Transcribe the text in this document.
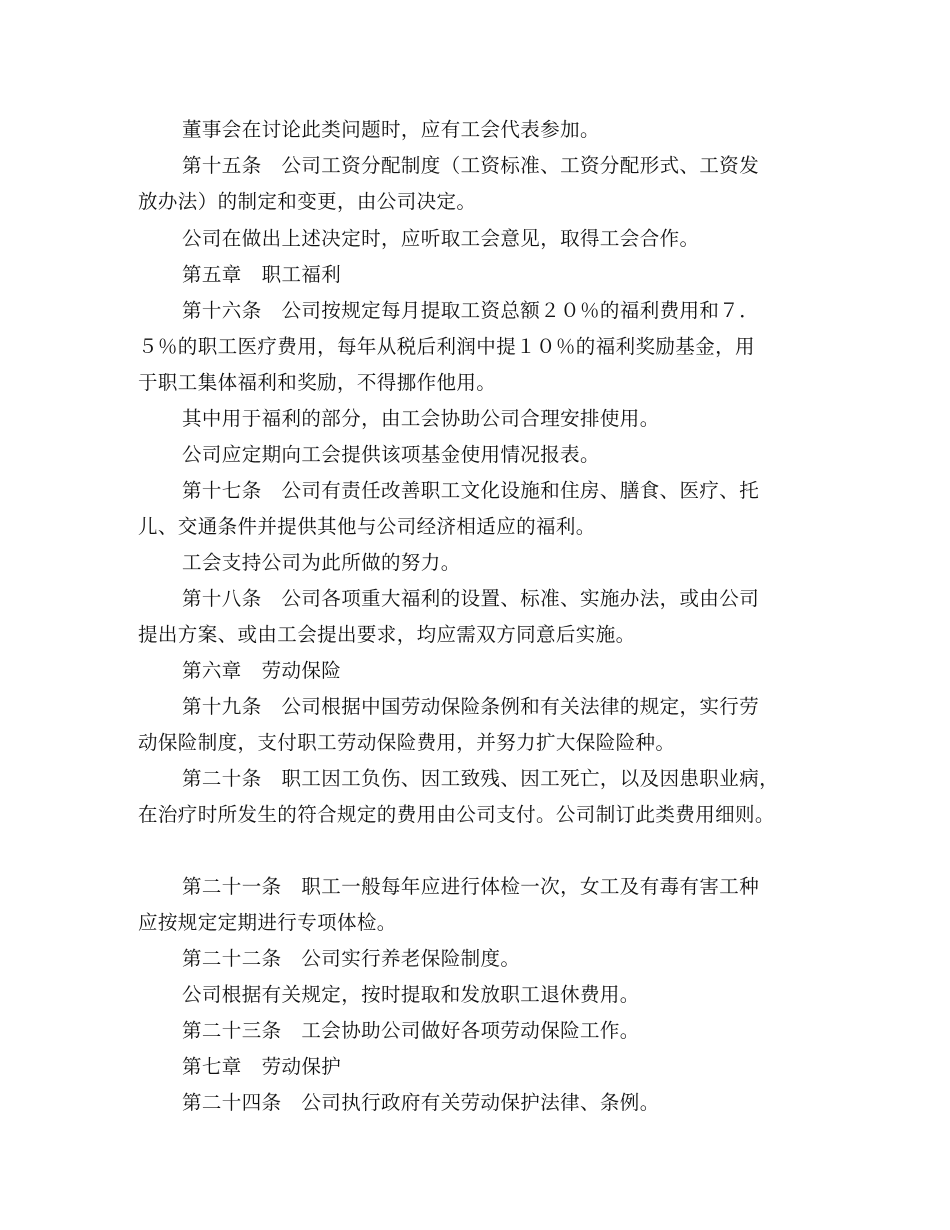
董事会在讨论此类问题时，应有工会代表参加。
第十五条　公司工资分配制度（工资标准、工资分配形式、工资发
放办法）的制定和变更，由公司决定。
公司在做出上述决定时，应听取工会意见，取得工会合作。
第五章　职工福利
第十六条　公司按规定每月提取工资总额２０％的福利费用和７．
５％的职工医疗费用，每年从税后利润中提１０％的福利奖励基金，用
于职工集体福利和奖励，不得挪作他用。
其中用于福利的部分，由工会协助公司合理安排使用。
公司应定期向工会提供该项基金使用情况报表。
第十七条　公司有责任改善职工文化设施和住房、膳食、医疗、托
儿、交通条件并提供其他与公司经济相适应的福利。
工会支持公司为此所做的努力。
第十八条　公司各项重大福利的设置、标准、实施办法，或由公司
提出方案、或由工会提出要求，均应需双方同意后实施。
第六章　劳动保险
第十九条　公司根据中国劳动保险条例和有关法律的规定，实行劳
动保险制度，支付职工劳动保险费用，并努力扩大保险险种。
第二十条　职工因工负伤、因工致残、因工死亡，以及因患职业病，
在治疗时所发生的符合规定的费用由公司支付。公司制订此类费用细则。
第二十一条　职工一般每年应进行体检一次，女工及有毒有害工种
应按规定定期进行专项体检。
第二十二条　公司实行养老保险制度。
公司根据有关规定，按时提取和发放职工退休费用。
第二十三条　工会协助公司做好各项劳动保险工作。
第七章　劳动保护
第二十四条　公司执行政府有关劳动保护法律、条例。
